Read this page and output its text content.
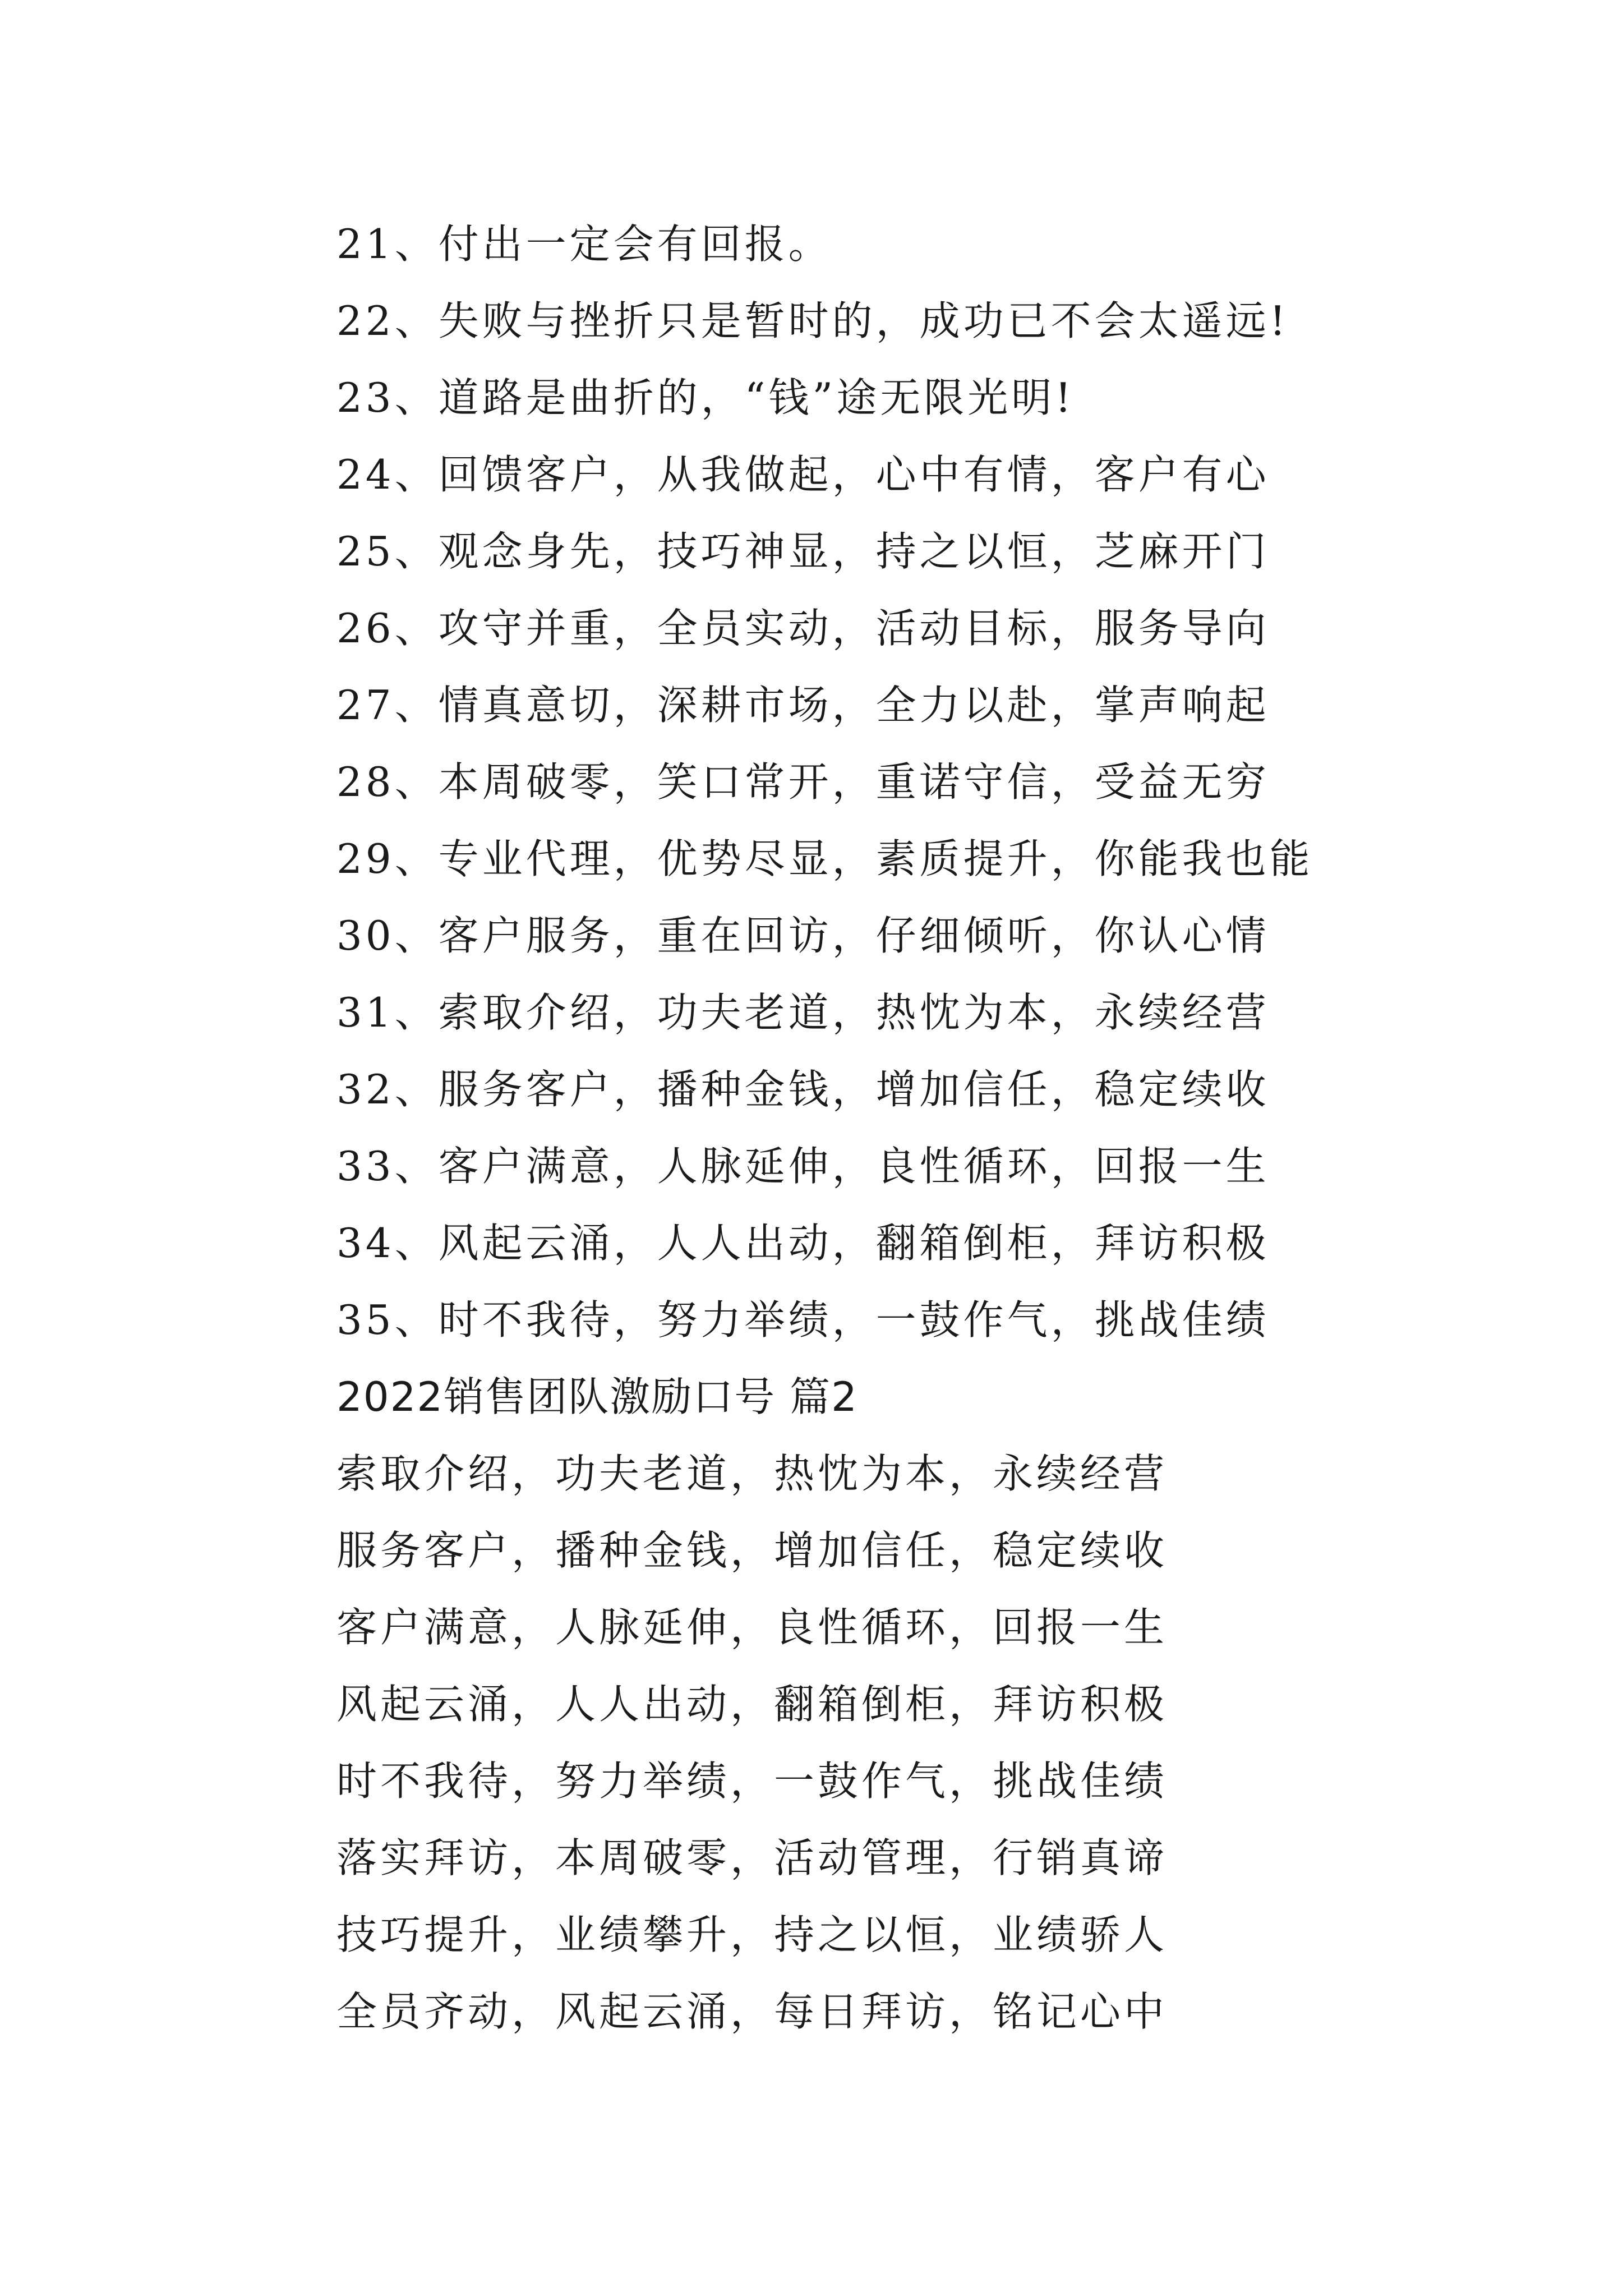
21、付出一定会有回报。
22、失败与挫折只是暂时的，成功已不会太遥远!
23、道路是曲折的，“钱”途无限光明!
24、回馈客户，从我做起，心中有情，客户有心
25、观念身先，技巧神显，持之以恒，芝麻开门
26、攻守并重，全员实动，活动目标，服务导向
27、情真意切，深耕市场，全力以赴，掌声响起
28、本周破零，笑口常开，重诺守信，受益无穷
29、专业代理，优势尽显，素质提升，你能我也能
30、客户服务，重在回访，仔细倾听，你认心情
31、索取介绍，功夫老道，热忱为本，永续经营
32、服务客户，播种金钱，增加信任，稳定续收
33、客户满意，人脉延伸，良性循环，回报一生
34、风起云涌，人人出动，翻箱倒柜，拜访积极
35、时不我待，努力举绩，一鼓作气，挑战佳绩
2022销售团队激励口号 篇2
索取介绍，功夫老道，热忱为本，永续经营
服务客户，播种金钱，增加信任，稳定续收
客户满意，人脉延伸，良性循环，回报一生
风起云涌，人人出动，翻箱倒柜，拜访积极
时不我待，努力举绩，一鼓作气，挑战佳绩
落实拜访，本周破零，活动管理，行销真谛
技巧提升，业绩攀升，持之以恒，业绩骄人
全员齐动，风起云涌，每日拜访，铭记心中
